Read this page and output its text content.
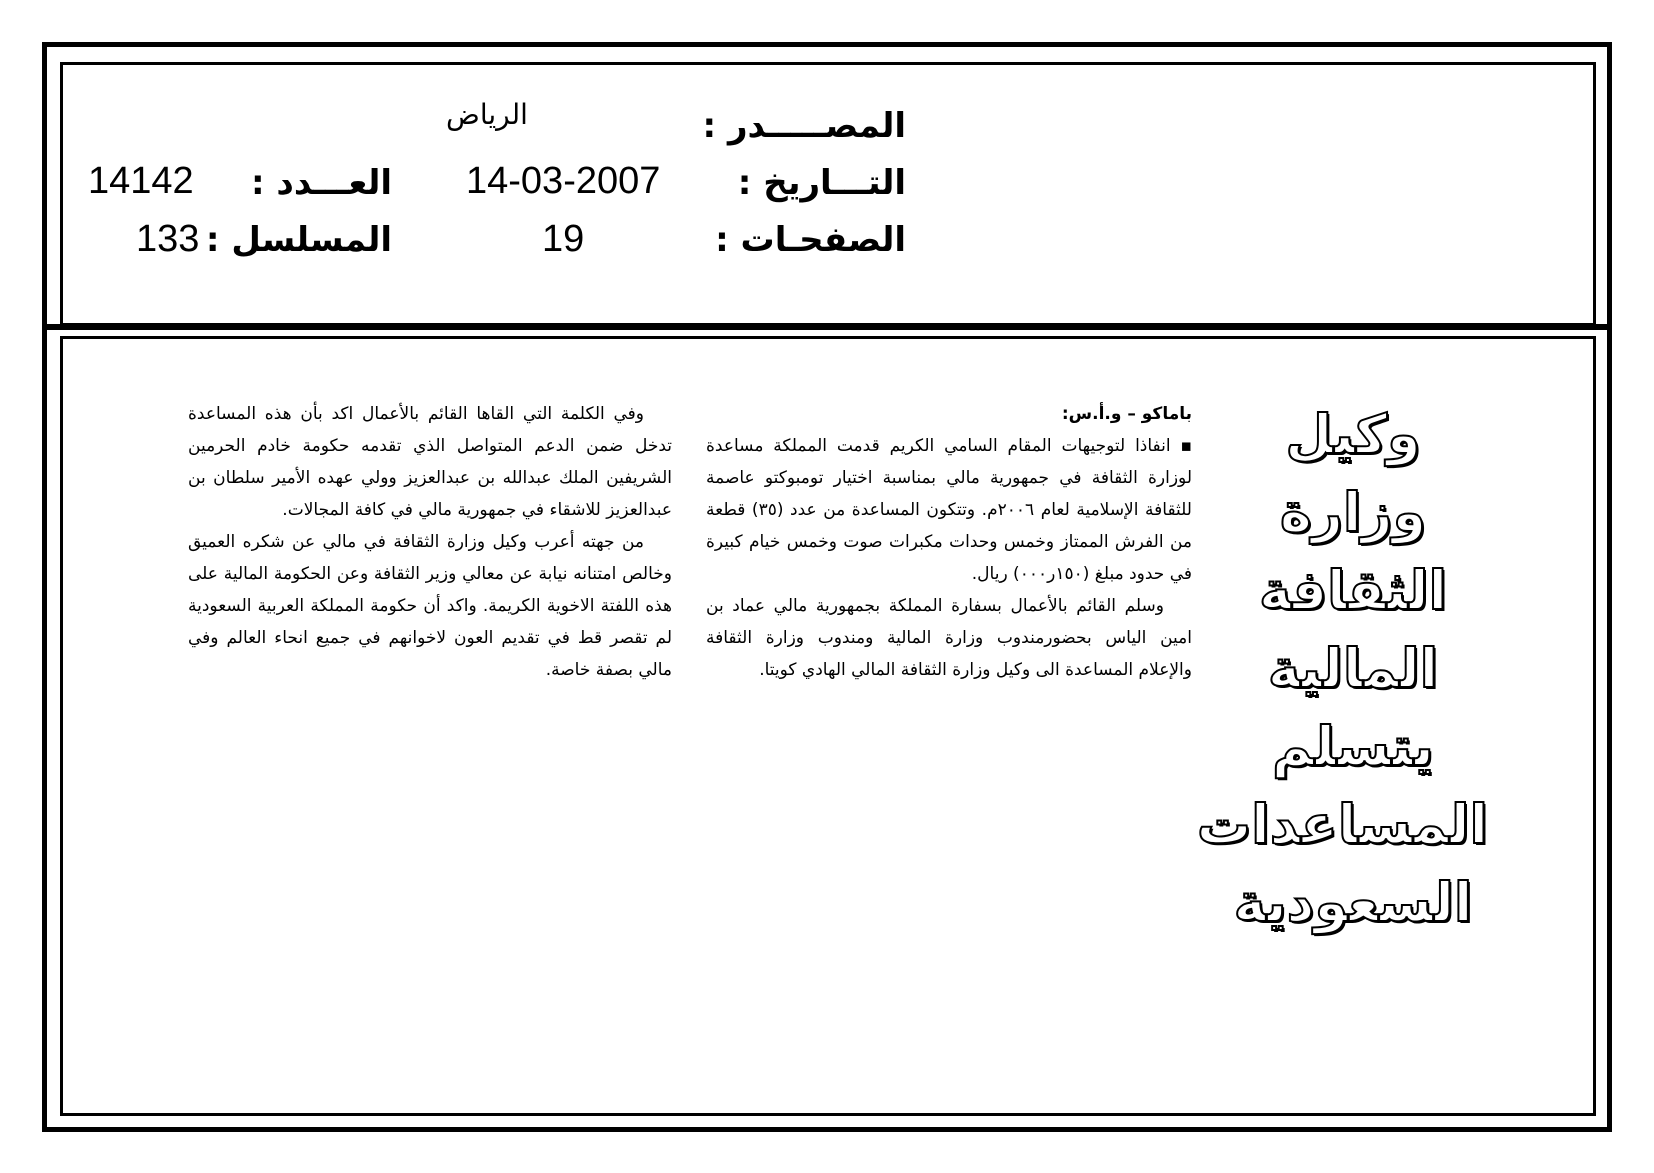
المصـــــدر :
الرياض
التـــاريخ :
14-03-2007
العـــدد :
14142
الصفحـات :
19
المسلسل :
133
وكيل وزارة الثقافة المالية يتسلم المساعدات السعودية
باماكو – و.أ.س:

▪ انفاذا لتوجيهات المقام السامي الكريم قدمت المملكة مساعدة لوزارة الثقافة في جمهورية مالي بمناسبة اختيار تومبوكتو عاصمة للثقافة الإسلامية لعام ٢٠٠٦م. وتتكون المساعدة من عدد (٣٥) قطعة من الفرش الممتاز وخمس وحدات مكبرات صوت وخمس خيام كبيرة في حدود مبلغ (١٥٠ر٠٠٠) ريال.

وسلم القائم بالأعمال بسفارة المملكة بجمهورية مالي عماد بن امين الياس بحضورمندوب وزارة المالية ومندوب وزارة الثقافة والإعلام المساعدة الى وكيل وزارة الثقافة المالي الهادي كويتا.

وفي الكلمة التي القاها القائم بالأعمال اكد بأن هذه المساعدة تدخل ضمن الدعم المتواصل الذي تقدمه حكومة خادم الحرمين الشريفين الملك عبدالله بن عبدالعزيز وولي عهده الأمير سلطان بن عبدالعزيز للاشقاء في جمهورية مالي في كافة المجالات.

من جهته أعرب وكيل وزارة الثقافة في مالي عن شكره العميق وخالص امتنانه نيابة عن معالي وزير الثقافة وعن الحكومة المالية على هذه اللفتة الاخوية الكريمة. واكد أن حكومة المملكة العربية السعودية لم تقصر قط في تقديم العون لاخوانهم في جميع انحاء العالم وفي مالي بصفة خاصة.
